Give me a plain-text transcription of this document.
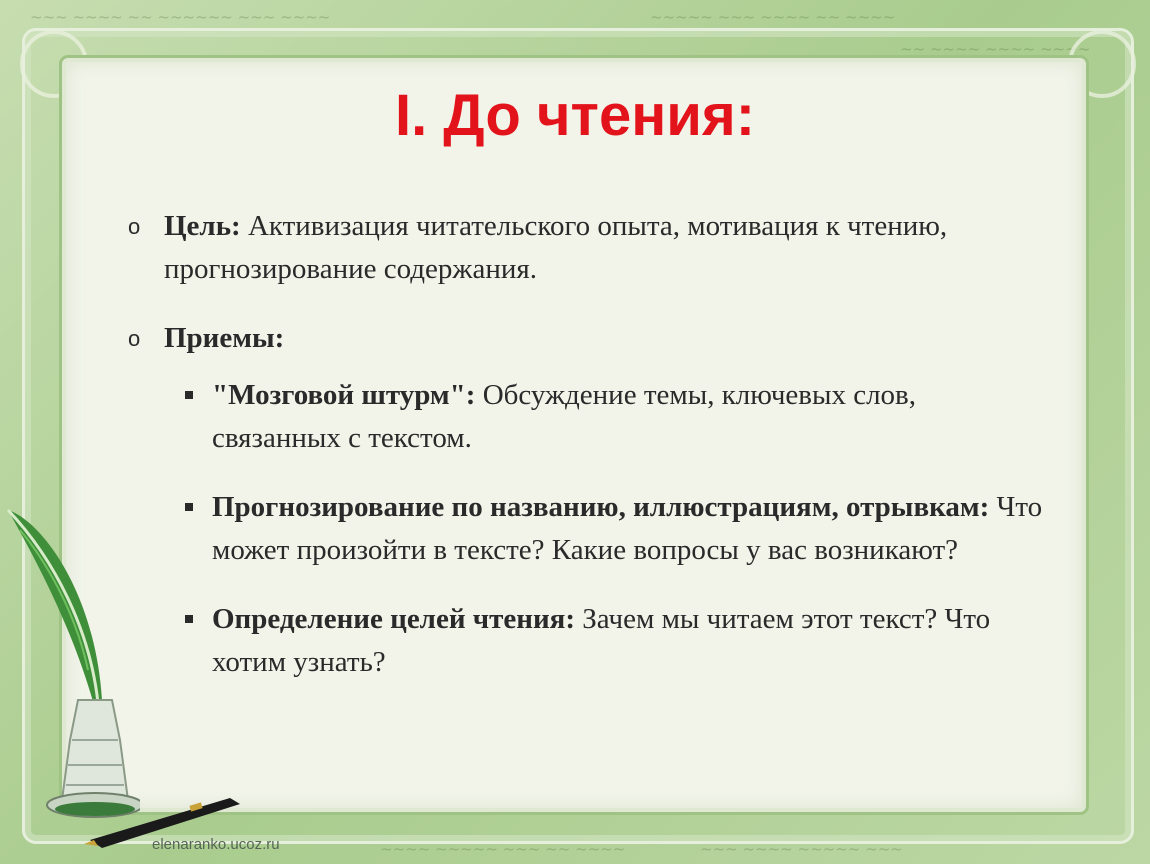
~~~ ~~~~ ~~ ~~~~~~ ~~~ ~~~~	~~~~~ ~~~ ~~~~ ~~ ~~~~
~~ ~~~~ ~~~~ ~~~~
~~~~ ~~~~~ ~~~ ~~ ~~~~	~~~ ~~~~ ~~~~~ ~~~
I. До чтения:
o Цель: Активизация читательского опыта, мотивация к чтению, прогнозирование содержания.
o Приемы:
"Мозговой штурм": Обсуждение темы, ключевых слов, связанных с текстом.
Прогнозирование по названию, иллюстрациям, отрывкам: Что может произойти в тексте? Какие вопросы у вас возникают?
Определение целей чтения: Зачем мы читаем этот текст? Что хотим узнать?
elenaranko.ucoz.ru
